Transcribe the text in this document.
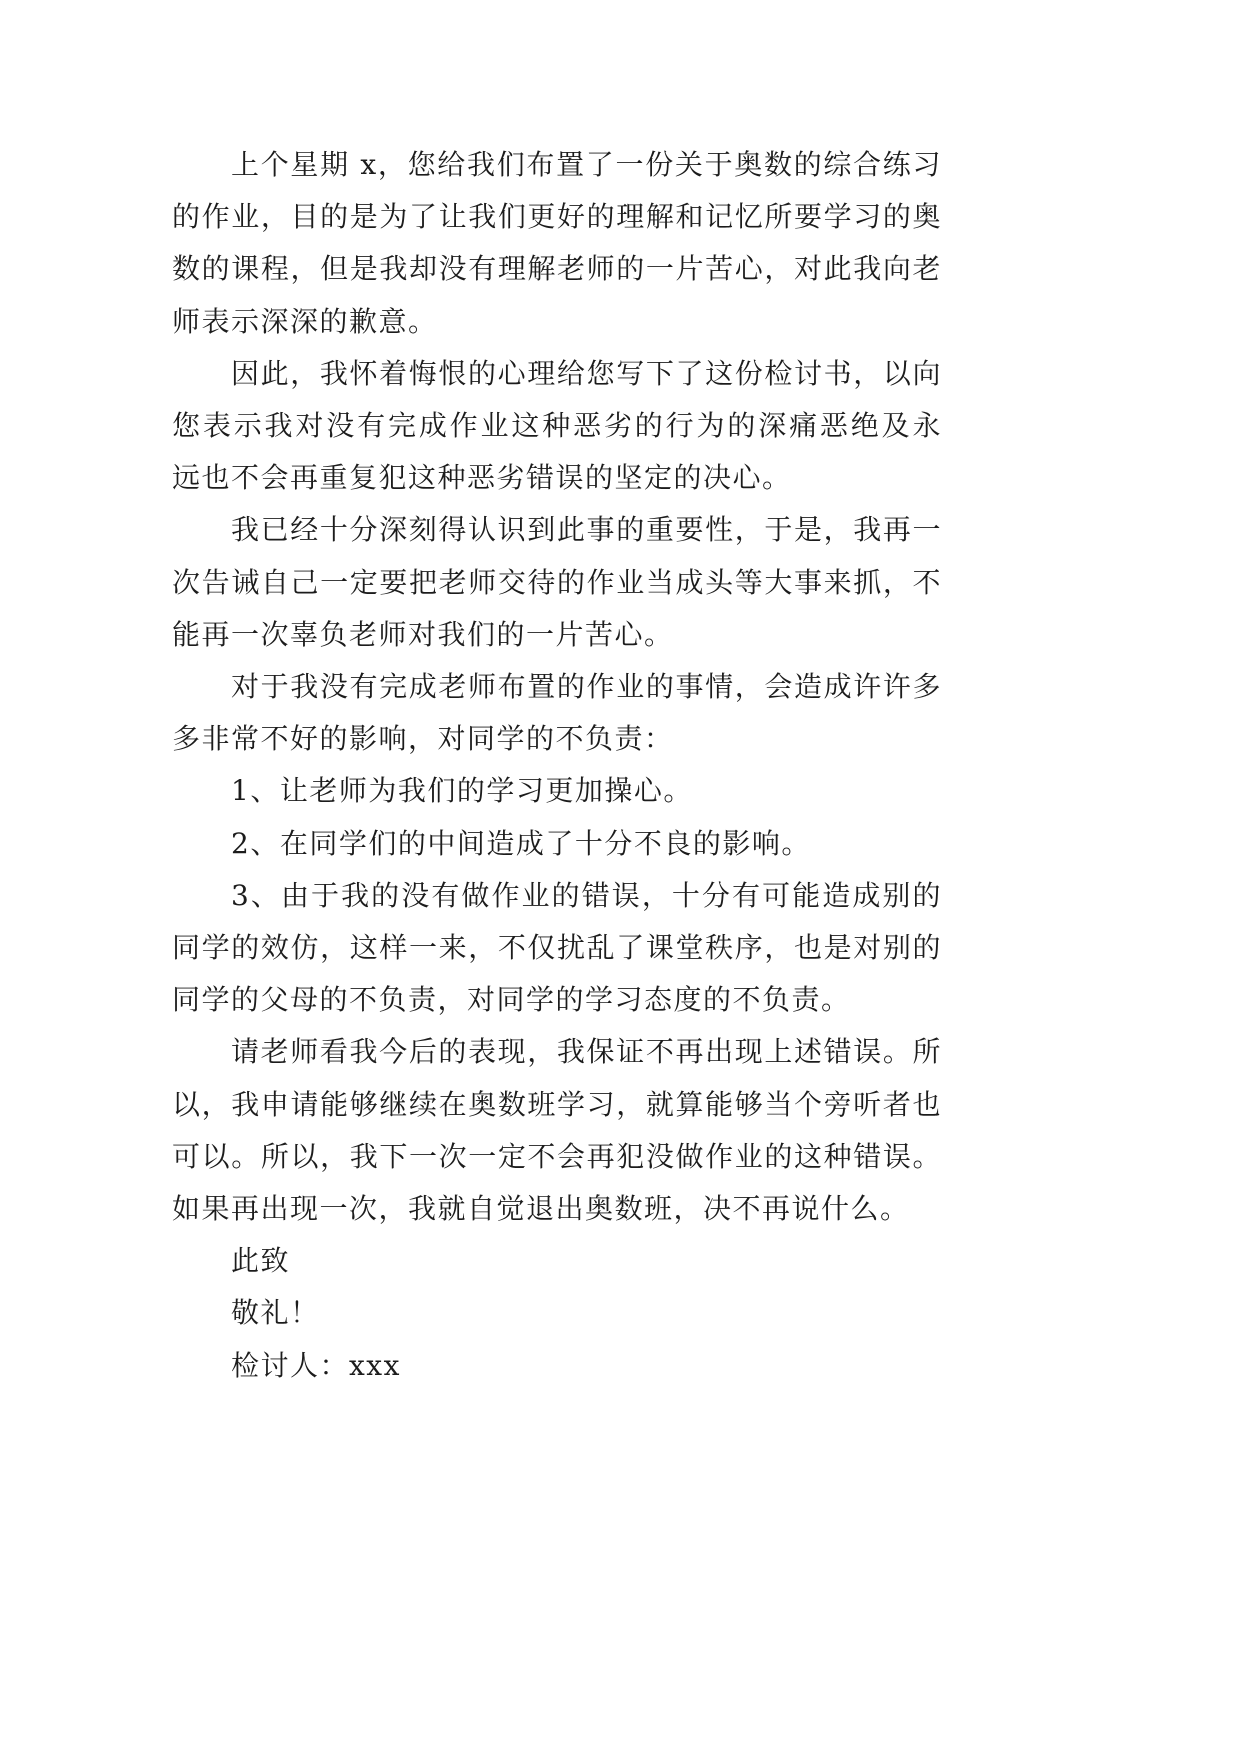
上个星期 x，您给我们布置了一份关于奥数的综合练习
的作业，目的是为了让我们更好的理解和记忆所要学习的奥
数的课程，但是我却没有理解老师的一片苦心，对此我向老
师表示深深的歉意。
因此，我怀着悔恨的心理给您写下了这份检讨书，以向
您表示我对没有完成作业这种恶劣的行为的深痛恶绝及永
远也不会再重复犯这种恶劣错误的坚定的决心。
我已经十分深刻得认识到此事的重要性，于是，我再一
次告诫自己一定要把老师交待的作业当成头等大事来抓，不
能再一次辜负老师对我们的一片苦心。
对于我没有完成老师布置的作业的事情，会造成许许多
多非常不好的影响，对同学的不负责：
1、让老师为我们的学习更加操心。
2、在同学们的中间造成了十分不良的影响。
3、由于我的没有做作业的错误，十分有可能造成别的
同学的效仿，这样一来，不仅扰乱了课堂秩序，也是对别的
同学的父母的不负责，对同学的学习态度的不负责。
请老师看我今后的表现，我保证不再出现上述错误。所
以，我申请能够继续在奥数班学习，就算能够当个旁听者也
可以。所以，我下一次一定不会再犯没做作业的这种错误。
如果再出现一次，我就自觉退出奥数班，决不再说什么。
此致
敬礼！
检讨人：xxx
